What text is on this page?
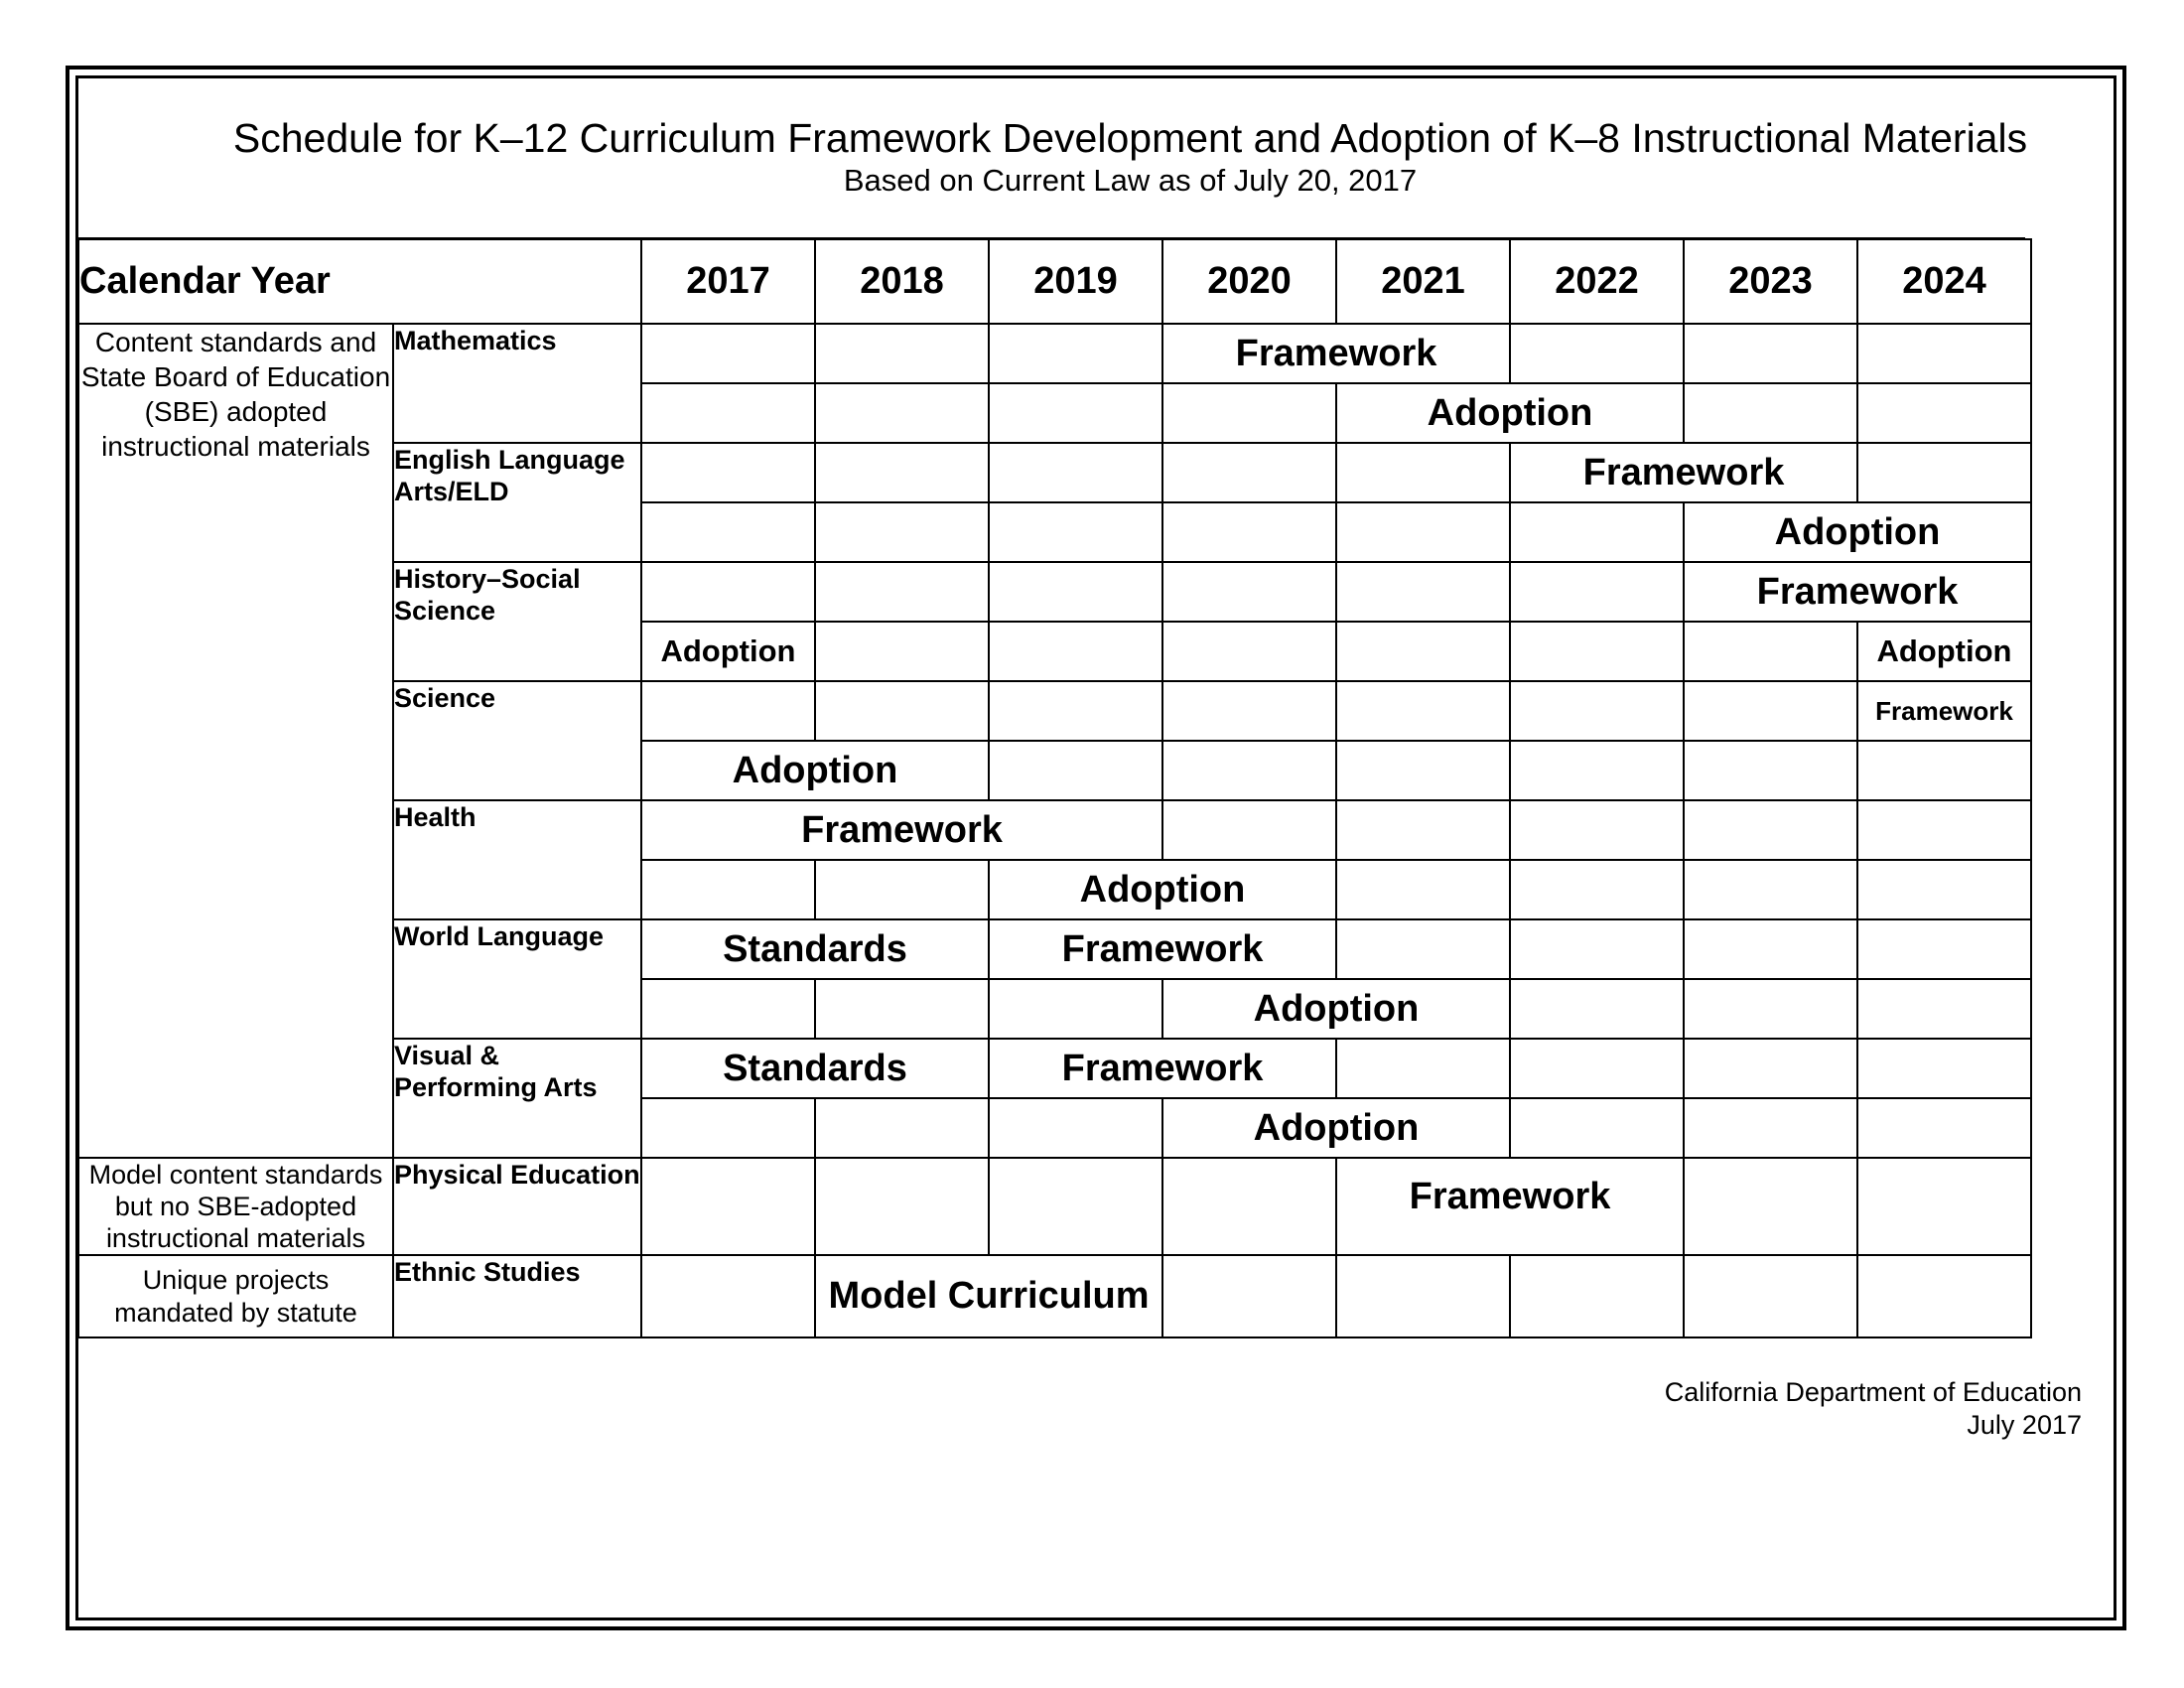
Schedule for K–12 Curriculum Framework Development and Adoption of K–8 Instructional Materials
Based on Current Law as of July 20, 2017
Calendar Year		2017	2018	2019	2020	2021	2022	2023	2024
Content standards and State Board of Education (SBE) adopted instructional materials	Mathematics				Framework				
						Adoption			
	English Language Arts/ELD						Framework		
								Adoption	
	History–Social Science							Framework	
		Adoption							Adoption
	Science								Framework
		Adoption							
	Health	Framework							
				Adoption					
	World Language	Standards		Framework					
					Adoption				
	Visual & Performing Arts	Standards		Framework					
					Adoption				
Model content standards but no SBE-adopted instructional materials	Physical Education					Framework			
Unique projects mandated by statute	Ethnic Studies		Model Curriculum						
California Department of Education
July 2017
